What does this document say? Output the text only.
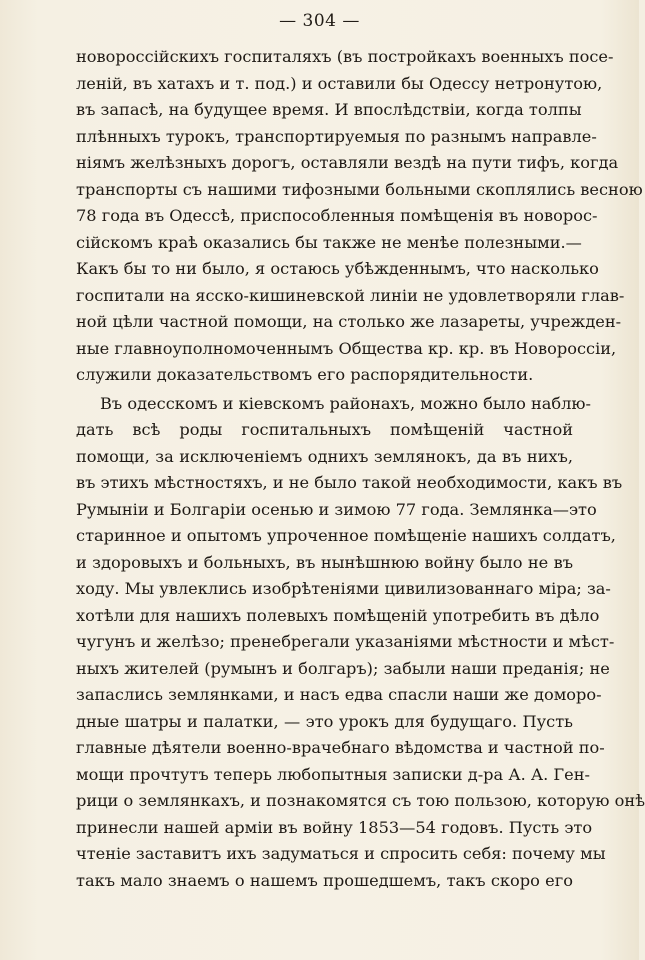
— 304 —
новороссійскихъ госпиталяхъ (въ постройкахъ военныхъ посе-
леній, въ хатахъ и т. под.) и оставили бы Одессу нетронутою,
въ запасѣ, на будущее время. И впослѣдствіи, когда толпы
плѣнныхъ турокъ, транспортируемыя по разнымъ направле-
ніямъ желѣзныхъ дорогъ, оставляли вездѣ на пути тифъ, когда
транспорты съ нашими тифозными больными скоплялись весною
78 года въ Одессѣ, приспособленныя помѣщенія въ новорос-
сійскомъ краѣ оказались бы также не менѣе полезными.—
Какъ бы то ни было, я остаюсь убѣжденнымъ, что насколько
госпитали на ясско-кишиневской линіи не удовлетворяли глав-
ной цѣли частной помощи, на столько же лазареты, учрежден-
ные главноуполномоченнымъ Общества кр. кр. въ Новороссіи,
служили доказательствомъ его распорядительности.
Въ одесскомъ и кіевскомъ районахъ, можно было наблю-
дать всѣ роды госпитальныхъ помѣщеній частной
помощи, за исключеніемъ однихъ землянокъ, да въ нихъ,
въ этихъ мѣстностяхъ, и не было такой необходимости, какъ въ
Румыніи и Болгаріи осенью и зимою 77 года. Землянка—это
старинное и опытомъ упроченное помѣщеніе нашихъ солдатъ,
и здоровыхъ и больныхъ, въ нынѣшнюю войну было не въ
ходу. Мы увлеклись изобрѣтеніями цивилизованнаго міра; за-
хотѣли для нашихъ полевыхъ помѣщеній употребить въ дѣло
чугунъ и желѣзо; пренебрегали указаніями мѣстности и мѣст-
ныхъ жителей (румынъ и болгаръ); забыли наши преданія; не
запаслись землянками, и насъ едва спасли наши же доморо-
дные шатры и палатки, — это урокъ для будущаго. Пусть
главные дѣятели военно-врачебнаго вѣдомства и частной по-
мощи прочтутъ теперь любопытныя записки д-ра А. А. Ген-
рици о землянкахъ, и познакомятся съ тою пользою, которую онѣ
принесли нашей арміи въ войну 1853—54 годовъ. Пусть это
чтеніе заставитъ ихъ задуматься и спросить себя: почему мы
такъ мало знаемъ о нашемъ прошедшемъ, такъ скоро его
